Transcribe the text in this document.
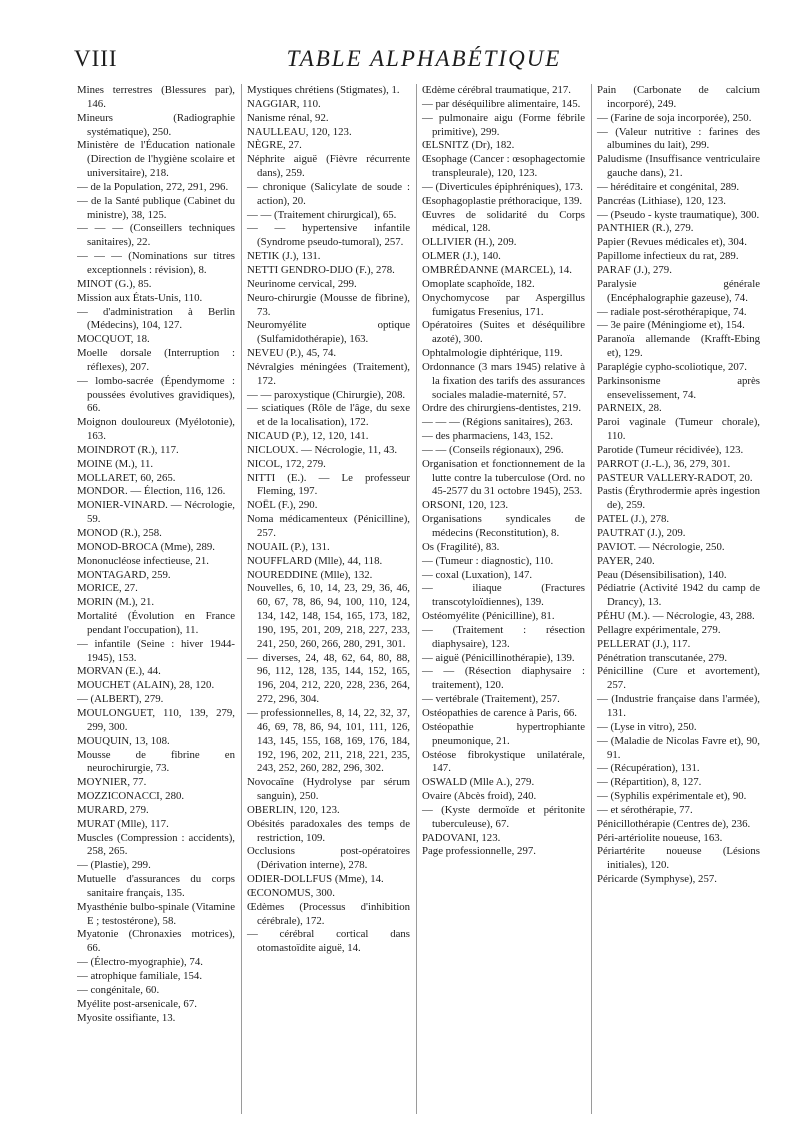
VIII	TABLE ALPHABÉTIQUE

Mines terrestres (Blessures par), 146.

Mineurs (Radiographie systématique), 250.

Ministère de l'Éducation nationale (Direction de l'hygiène scolaire et universitaire), 218.

— de la Population, 272, 291, 296.

— de la Santé publique (Cabinet du ministre), 38, 125.

— — — (Conseillers techniques sanitaires), 22.

— — — (Nominations sur titres exceptionnels : révision), 8.

MINOT (G.), 85.

Mission aux États-Unis, 110.

— d'administration à Berlin (Médecins), 104, 127.

MOCQUOT, 18.

Moelle dorsale (Interruption : réflexes), 207.

— lombo-sacrée (Épendymome : poussées évolutives gravidiques), 66.

Moignon douloureux (Myélotonie), 163.

MOINDROT (R.), 117.

MOINE (M.), 11.

MOLLARET, 60, 265.

MONDOR. — Élection, 116, 126.

MONIER-VINARD. — Nécrologie, 59.

MONOD (R.), 258.

MONOD-BROCA (Mme), 289.

Mononucléose infectieuse, 21.

MONTAGARD, 259.

MORICE, 27.

MORIN (M.), 21.

Mortalité (Évolution en France pendant l'occupation), 11.

— infantile (Seine : hiver 1944-1945), 153.

MORVAN (E.), 44.

MOUCHET (ALAIN), 28, 120.

— (ALBERT), 279.

MOULONGUET, 110, 139, 279, 299, 300.

MOUQUIN, 13, 108.

Mousse de fibrine en neurochirurgie, 73.

MOYNIER, 77.

MOZZICONACCI, 280.

MURARD, 279.

MURAT (Mlle), 117.

Muscles (Compression : accidents), 258, 265.

— (Plastie), 299.

Mutuelle d'assurances du corps sanitaire français, 135.

Myasthénie bulbo-spinale (Vitamine E ; testostérone), 58.

Myatonie (Chronaxies motrices), 66.

— (Électro-myographie), 74.

— atrophique familiale, 154.

— congénitale, 60.

Myélite post-arsenicale, 67.

Myosite ossifiante, 13.

Mystiques chrétiens (Stigmates), 1.

NAGGIAR, 110.

Nanisme rénal, 92.

NAULLEAU, 120, 123.

NÈGRE, 27.

Néphrite aiguë (Fièvre récurrente dans), 259.

— chronique (Salicylate de soude : action), 20.

— — (Traitement chirurgical), 65.

— — hypertensive infantile (Syndrome pseudo-tumoral), 257.

NETIK (J.), 131.

NETTI GENDRO-DIJO (F.), 278.

Neurinome cervical, 299.

Neuro-chirurgie (Mousse de fibrine), 73.

Neuromyélite optique (Sulfamidothérapie), 163.

NEVEU (P.), 45, 74.

Névralgies méningées (Traitement), 172.

— — paroxystique (Chirurgie), 208.

— sciatiques (Rôle de l'âge, du sexe et de la localisation), 172.

NICAUD (P.), 12, 120, 141.

NICLOUX. — Nécrologie, 11, 43.

NICOL, 172, 279.

NITTI (E.). — Le professeur Fleming, 197.

NOËL (F.), 290.

Noma médicamenteux (Pénicilline), 257.

NOUAIL (P.), 131.

NOUFFLARD (Mlle), 44, 118.

NOUREDDINE (Mlle), 132.

Nouvelles, 6, 10, 14, 23, 29, 36, 46, 60, 67, 78, 86, 94, 100, 110, 124, 134, 142, 148, 154, 165, 173, 182, 190, 195, 201, 209, 218, 227, 233, 241, 250, 260, 266, 280, 291, 301.

— diverses, 24, 48, 62, 64, 80, 88, 96, 112, 128, 135, 144, 152, 165, 196, 204, 212, 220, 228, 236, 264, 272, 296, 304.

— professionnelles, 8, 14, 22, 32, 37, 46, 69, 78, 86, 94, 101, 111, 126, 143, 145, 155, 168, 169, 176, 184, 192, 196, 202, 211, 218, 221, 235, 243, 252, 260, 282, 296, 302.

Novocaïne (Hydrolyse par sérum sanguin), 250.

OBERLIN, 120, 123.

Obésités paradoxales des temps de restriction, 109.

Occlusions post-opératoires (Dérivation interne), 278.

ODIER-DOLLFUS (Mme), 14.

ŒCONOMUS, 300.

Œdèmes (Processus d'inhibition cérébrale), 172.

— cérébral cortical dans otomastoïdite aiguë, 14.

Œdème cérébral traumatique, 217.

— par déséquilibre alimentaire, 145.

— pulmonaire aigu (Forme fébrile primitive), 299.

ŒLSNITZ (Dr), 182.

Œsophage (Cancer : œsophagectomie transpleurale), 120, 123.

— (Diverticules épiphréniques), 173.

Œsophagoplastie préthoracique, 139.

Œuvres de solidarité du Corps médical, 128.

OLLIVIER (H.), 209.

OLMER (J.), 140.

OMBRÉDANNE (MARCEL), 14.

Omoplate scaphoïde, 182.

Onychomycose par Aspergillus fumigatus Fresenius, 171.

Opératoires (Suites et déséquilibre azoté), 300.

Ophtalmologie diphtérique, 119.

Ordonnance (3 mars 1945) relative à la fixation des tarifs des assurances sociales maladie-maternité, 57.

Ordre des chirurgiens-dentistes, 219.

— — — (Régions sanitaires), 263.

— des pharmaciens, 143, 152.

— — (Conseils régionaux), 296.

Organisation et fonctionnement de la lutte contre la tuberculose (Ord. no 45-2577 du 31 octobre 1945), 253.

ORSONI, 120, 123.

Organisations syndicales de médecins (Reconstitution), 8.

Os (Fragilité), 83.

— (Tumeur : diagnostic), 110.

— coxal (Luxation), 147.

— iliaque (Fractures transcotyloïdiennes), 139.

Ostéomyélite (Pénicilline), 81.

— (Traitement : résection diaphysaire), 123.

— aiguë (Pénicillinothérapie), 139.

— — (Résection diaphysaire : traitement), 120.

— vertébrale (Traitement), 257.

Ostéopathies de carence à Paris, 66.

Ostéopathie hypertrophiante pneumonique, 21.

Ostéose fibrokystique unilatérale, 147.

OSWALD (Mlle A.), 279.

Ovaire (Abcès froid), 240.

— (Kyste dermoïde et péritonite tuberculeuse), 67.

PADOVANI, 123.

Page professionnelle, 297.

Pain (Carbonate de calcium incorporé), 249.

— (Farine de soja incorporée), 250.

— (Valeur nutritive : farines des albumines du lait), 299.

Paludisme (Insuffisance ventriculaire gauche dans), 21.

— héréditaire et congénital, 289.

Pancréas (Lithiase), 120, 123.

— (Pseudo - kyste traumatique), 300.

PANTHIER (R.), 279.

Papier (Revues médicales et), 304.

Papillome infectieux du rat, 289.

PARAF (J.), 279.

Paralysie générale (Encéphalographie gazeuse), 74.

— radiale post-sérothérapique, 74.

— 3e paire (Méningiome et), 154.

Paranoïa allemande (Krafft-Ebing et), 129.

Paraplégie cypho-scoliotique, 207.

Parkinsonisme après ensevelissement, 74.

PARNEIX, 28.

Paroi vaginale (Tumeur chorale), 110.

Parotide (Tumeur récidivée), 123.

PARROT (J.-L.), 36, 279, 301.

PASTEUR VALLERY-RADOT, 20.

Pastis (Érythrodermie après ingestion de), 259.

PATEL (J.), 278.

PAUTRAT (J.), 209.

PAVIOT. — Nécrologie, 250.

PAYER, 240.

Peau (Désensibilisation), 140.

Pédiatrie (Activité 1942 du camp de Drancy), 13.

PÉHU (M.). — Nécrologie, 43, 288.

Pellagre expérimentale, 279.

PELLERAT (J.), 117.

Pénétration transcutanée, 279.

Pénicilline (Cure et avortement), 257.

— (Industrie française dans l'armée), 131.

— (Lyse in vitro), 250.

— (Maladie de Nicolas Favre et), 90, 91.

— (Récupération), 131.

— (Répartition), 8, 127.

— (Syphilis expérimentale et), 90.

— et sérothérapie, 77.

Pénicillothérapie (Centres de), 236.

Péri-artériolite noueuse, 163.

Périartérite noueuse (Lésions initiales), 120.

Péricarde (Symphyse), 257.
